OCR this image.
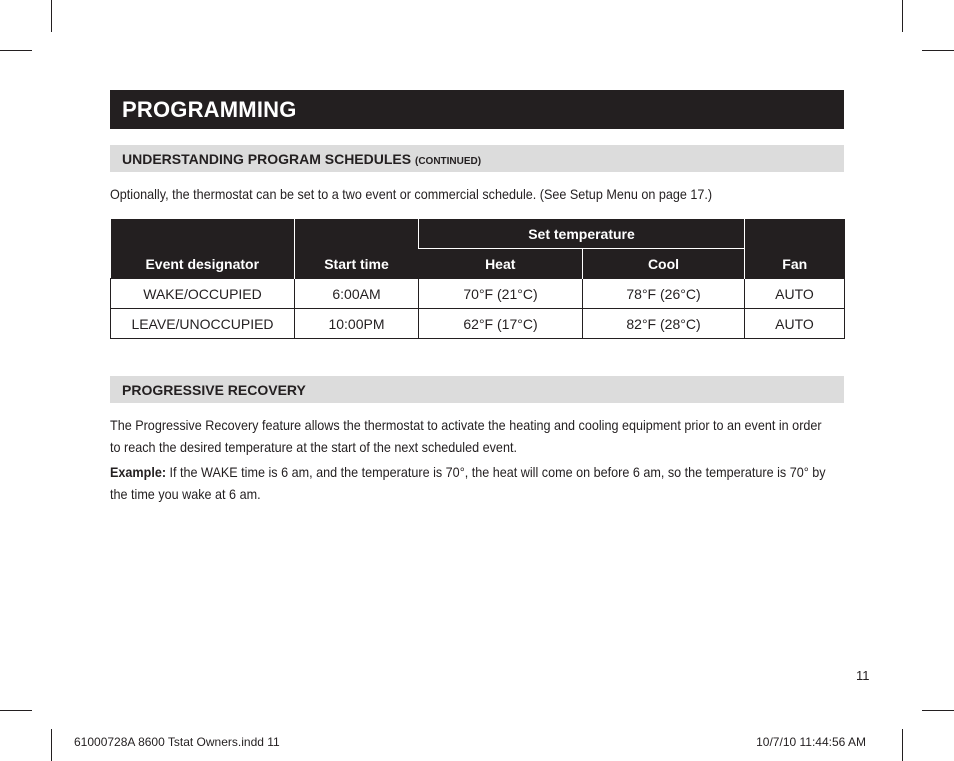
PROGRAMMING
UNDERSTANDING PROGRAM SCHEDULES (CONTINUED)
Optionally, the thermostat can be set to a two event or commercial schedule. (See Setup Menu on page 17.)
Event designator	Start time	Set temperature		Fan
		Heat	Cool	
WAKE/OCCUPIED	6:00AM	70°F (21°C)	78°F (26°C)	AUTO
LEAVE/UNOCCUPIED	10:00PM	62°F (17°C)	82°F (28°C)	AUTO
PROGRESSIVE RECOVERY
The Progressive Recovery feature allows the thermostat to activate the heating and cooling equipment prior to an event in order to reach the desired temperature at the start of the next scheduled event.
Example: If the WAKE time is 6 am, and the temperature is 70°, the heat will come on before 6 am, so the temperature is 70° by the time you wake at 6 am.
11
61000728A 8600 Tstat Owners.indd 11	10/7/10 11:44:56 AM
